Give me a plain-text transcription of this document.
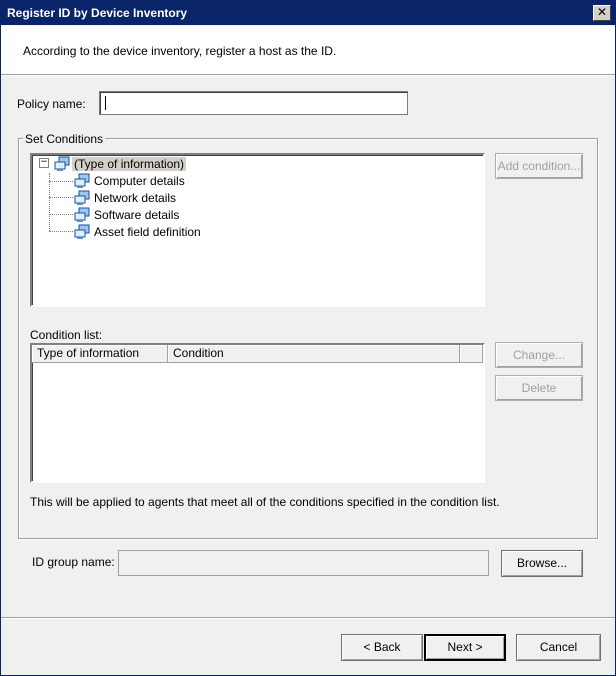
Register ID by Device Inventory	✕
According to the device inventory, register a host as the ID.
Policy name:
Set Conditions
− (Type of information)
Computer details
Network details
Software details
Asset field definition
Add condition...
Condition list:
Type of information	Condition	Change...
Delete
This will be applied to agents that meet all of the conditions specified in the condition list.
ID group name:	Browse...
< Back	Next >	Cancel
